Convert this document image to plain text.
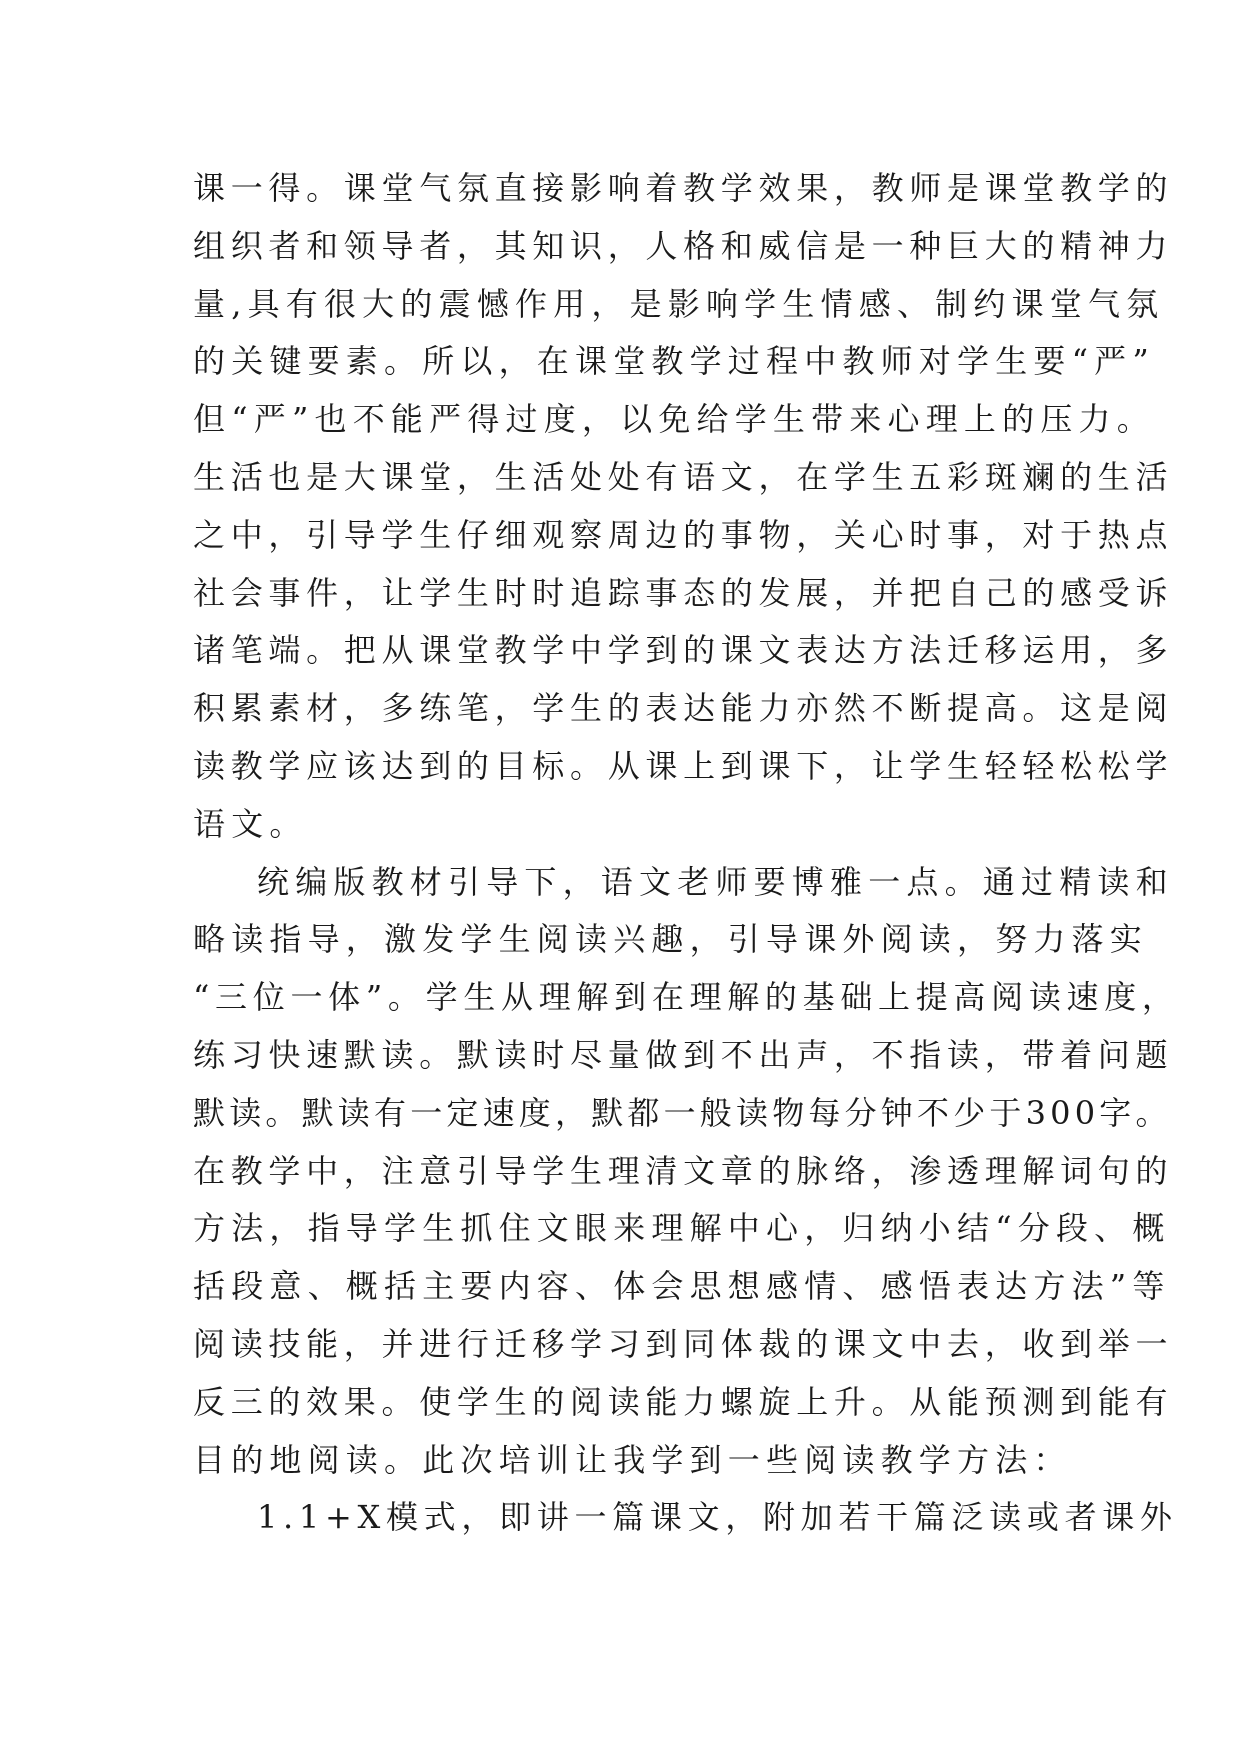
课一得。课堂气氛直接影响着教学效果，教师是课堂教学的
组织者和领导者，其知识，人格和威信是一种巨大的精神力
量,具有很大的震憾作用，是影响学生情感、制约课堂气氛
的关键要素。所以，在课堂教学过程中教师对学生要“严”
但“严”也不能严得过度，以免给学生带来心理上的压力。
生活也是大课堂，生活处处有语文，在学生五彩斑斓的生活
之中，引导学生仔细观察周边的事物，关心时事，对于热点
社会事件，让学生时时追踪事态的发展，并把自己的感受诉
诸笔端。把从课堂教学中学到的课文表达方法迁移运用，多
积累素材，多练笔，学生的表达能力亦然不断提高。这是阅
读教学应该达到的目标。从课上到课下，让学生轻轻松松学
语文。
统编版教材引导下，语文老师要博雅一点。通过精读和
略读指导，激发学生阅读兴趣，引导课外阅读，努力落实
“三位一体”。学生从理解到在理解的基础上提高阅读速度，
练习快速默读。默读时尽量做到不出声，不指读，带着问题
默读。默读有一定速度，默都一般读物每分钟不少于300字。
在教学中，注意引导学生理清文章的脉络，渗透理解词句的
方法，指导学生抓住文眼来理解中心，归纳小结“分段、概
括段意、概括主要内容、体会思想感情、感悟表达方法”等
阅读技能，并进行迁移学习到同体裁的课文中去，收到举一
反三的效果。使学生的阅读能力螺旋上升。从能预测到能有
目的地阅读。此次培训让我学到一些阅读教学方法：
1.1+X模式，即讲一篇课文，附加若干篇泛读或者课外
